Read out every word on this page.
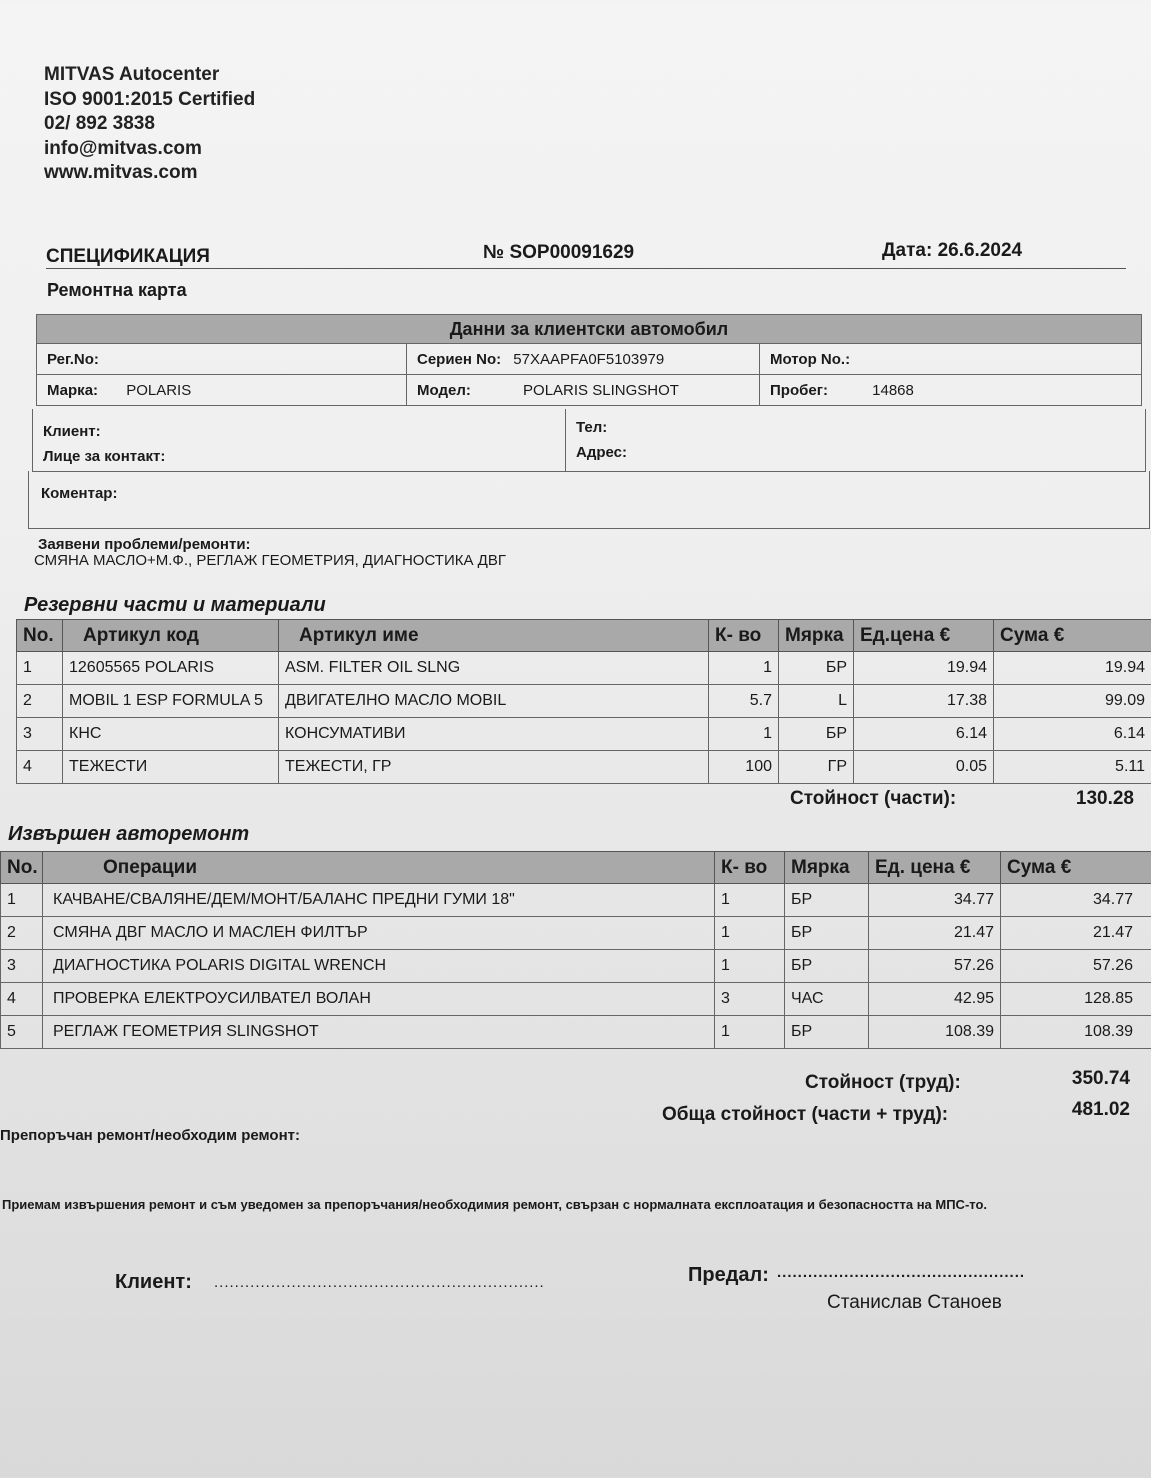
MITVAS Autocenter
ISO 9001:2015 Certified
02/ 892 3838
info@mitvas.com
www.mitvas.com
СПЕЦИФИКАЦИЯ	№ SOP00091629	Дата: 26.6.2024
Ремонтна карта
Данни за клиентски автомобил
Рег.No:	Сериен No: 57XAAPFA0F5103979	Мотор No.:
Марка: POLARIS	Модел:	POLARIS SLINGSHOT	Пробег:	14868
Клиент:
Лице за контакт:
Тел:
Адрес:
Коментар:
Заявени проблеми/ремонти:
СМЯНА МАСЛО+М.Ф., РЕГЛАЖ ГЕОМЕТРИЯ, ДИАГНОСТИКА ДВГ
Резервни части и материали
No.	Артикул код	Артикул име	К- во	Мярка	Ед.цена €	Сума €
1	12605565 POLARIS	ASM. FILTER OIL SLNG	1	БР	19.94	19.94
2	MOBIL 1 ESP FORMULA 5	ДВИГАТЕЛНО МАСЛО MOBIL	5.7	L	17.38	99.09
3	КНС	КОНСУМАТИВИ	1	БР	6.14	6.14
4	ТЕЖЕСТИ	ТЕЖЕСТИ, ГР	100	ГР	0.05	5.11
Стойност (части):	130.28
Извършен авторемонт
No.	Операции	К- во	Мярка	Ед. цена €	Сума €
1	КАЧВАНЕ/СВАЛЯНЕ/ДЕМ/МОНТ/БАЛАНС ПРЕДНИ ГУМИ 18"	1	БР	34.77	34.77
2	СМЯНА ДВГ МАСЛО И МАСЛЕН ФИЛТЪР	1	БР	21.47	21.47
3	ДИАГНОСТИКА POLARIS DIGITAL WRENCH	1	БР	57.26	57.26
4	ПРОВЕРКА ЕЛЕКТРОУСИЛВАТЕЛ ВОЛАН	3	ЧАС	42.95	128.85
5	РЕГЛАЖ ГЕОМЕТРИЯ SLINGSHOT	1	БР	108.39	108.39
Стойност (труд):	350.74
Обща стойност (части + труд):	481.02
Препоръчан ремонт/необходим ремонт:
Приемам извършения ремонт и съм уведомен за препоръчания/необходимия ремонт, свързан с нормалната експлоатация и безопасността на МПС-то.
Клиент: ................................................................	Предал: ................................................
Станислав Станоев
